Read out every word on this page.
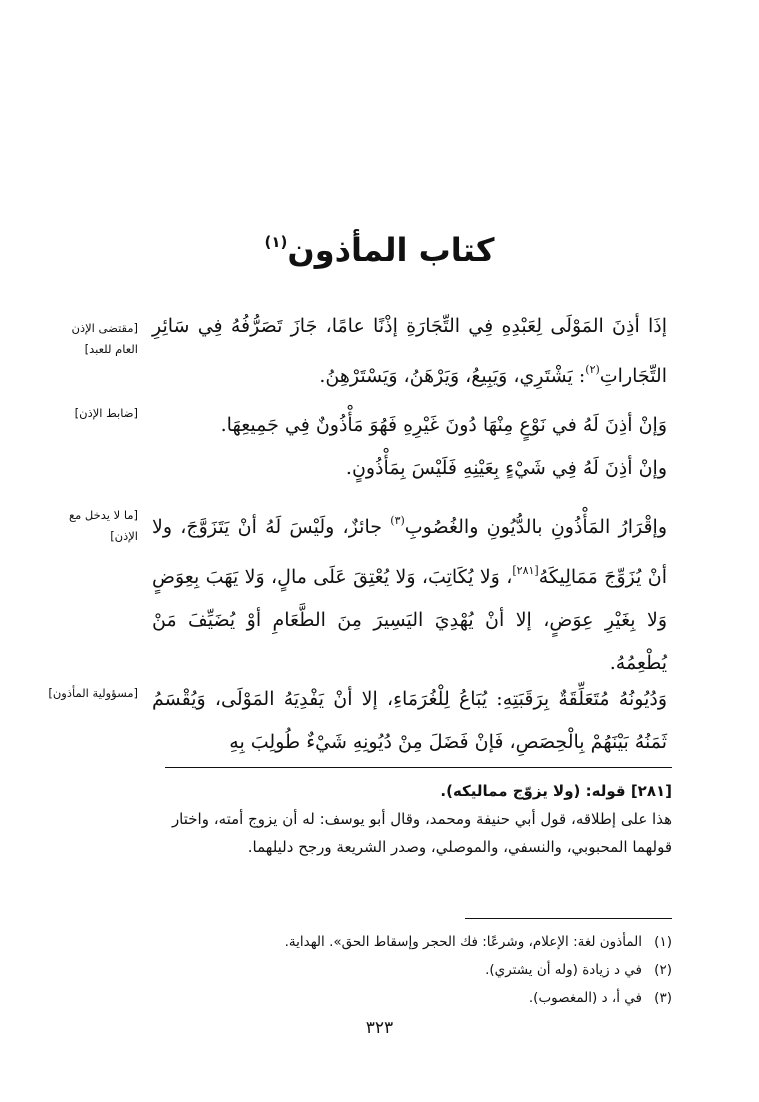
كتاب المأذون$^{(١)}$
[مقتضى الإذن العام للعبد]

إذَا أذِنَ المَوْلَى لِعَبْدِهِ فِي التِّجَارَةِ إذْنًا عامًا، جَازَ تَصَرُّفُهُ فِي سَائِرِ التِّجَاراتِ$^{(٢)}$: يَشْتَرِي، وَيَبِيعُ، وَيَرْهَنُ، وَيَسْتَرْهِنُ.

[ضابط الإذن]

وَإنْ أذِنَ لَهُ في نَوْعٍ مِنْهَا دُونَ غَيْرِهِ فَهُوَ مَأْذُونٌ فِي جَمِيعِهَا.

وإنْ أذِنَ لَهُ فِي شَيْءٍ بِعَيْنِهِ فَلَيْسَ بِمَأْذُونٍ.

[ما لا يدخل مع الإذن]	وإقْرَارُ المَأْذُونِ بالدُّيُونِ والغُصُوبِ$^{(٣)}$ جائزٌ، ولَيْسَ لَهُ أنْ يَتَزَوَّجَ، ولا أنْ يُزَوِّجَ مَمَالِيكَهُ[٢٨١]، وَلا يُكَاتِبَ، وَلا يُعْتِقَ عَلَى مالٍ، وَلا يَهَبَ بِعِوَضٍ وَلا بِغَيْرِ عِوَضٍ، إلا أنْ يُهْدِيَ اليَسِيرَ مِنَ الطَّعَامِ أوْ يُضَيِّفَ مَنْ يُطْعِمُهُ.

[مسؤولية المأذون] وَدُيُونُهُ مُتَعَلِّقَةٌ بِرَقَبَتِهِ: يُبَاعُ لِلْغُرَمَاءِ، إلا أنْ يَفْدِيَهُ المَوْلَى، وَيُقْسَمُ ثَمَنُهُ بَيْنَهُمْ بِالْحِصَصِ، فَإنْ فَضَلَ مِنْ دُيُونِهِ شَيْءٌ طُولِبَ بِهِ

[٢٨١] قوله: (ولا يزوّج مماليكه).

هذا على إطلاقه، قول أبي حنيفة ومحمد، وقال أبو يوسف: له أن يزوج أمته، واختار قولهما المحبوبي، والنسفي، والموصلي، وصدر الشريعة ورجح دليلهما.

(١)المأذون لغة: الإعلام، وشرعًا: فك الحجر وإسقاط الحق». الهداية.

(٢)في د زيادة (وله أن يشتري).

(٣)في أ، د (المغصوب).

٣٢٣
